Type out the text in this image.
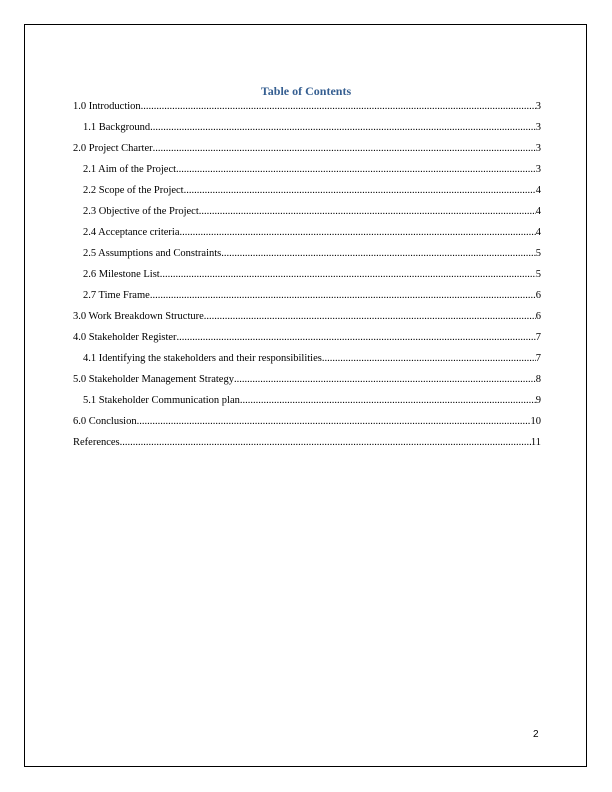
Table of Contents
1.0 Introduction .....	3
1.1 Background .....	3
2.0 Project Charter .....	3
2.1 Aim of the Project .....	3
2.2 Scope of the Project .....	4
2.3 Objective of the Project .....	4
2.4 Acceptance criteria .....	4
2.5 Assumptions and Constraints .....	5
2.6 Milestone List .....	5
2.7 Time Frame .....	6
3.0 Work Breakdown Structure .....	6
4.0 Stakeholder Register .....	7
4.1 Identifying the stakeholders and their responsibilities .....	7
5.0 Stakeholder Management Strategy .....	8
5.1 Stakeholder Communication plan .....	9
6.0 Conclusion .....	10
References .....	11
2
